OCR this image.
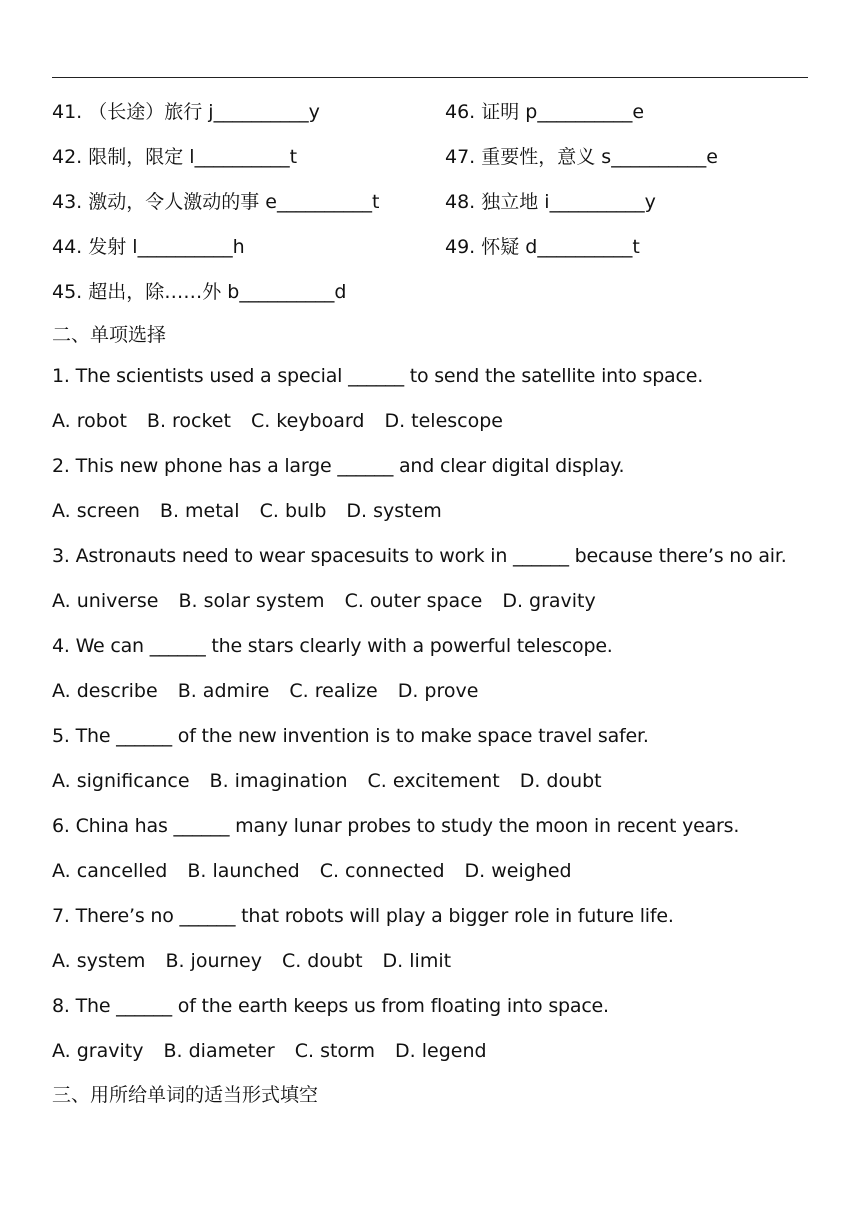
41. （长途）旅行 j__________y	46. 证明 p__________e
42. 限制，限定 l__________t	47. 重要性，意义 s__________e
43. 激动，令人激动的事 e__________t	48. 独立地 i__________y
44. 发射 l__________h	49. 怀疑 d__________t
45. 超出，除……外 b__________d
二、单项选择
1. The scientists used a special ______ to send the satellite into space.
A. robot B. rocket C. keyboard D. telescope
2. This new phone has a large ______ and clear digital display.
A. screen B. metal C. bulb D. system
3. Astronauts need to wear spacesuits to work in ______ because there’s no air.
A. universe B. solar system C. outer space D. gravity
4. We can ______ the stars clearly with a powerful telescope.
A. describe B. admire C. realize D. prove
5. The ______ of the new invention is to make space travel safer.
A. significance B. imagination C. excitement D. doubt
6. China has ______ many lunar probes to study the moon in recent years.
A. cancelled B. launched C. connected D. weighed
7. There’s no ______ that robots will play a bigger role in future life.
A. system B. journey C. doubt D. limit
8. The ______ of the earth keeps us from floating into space.
A. gravity B. diameter C. storm D. legend
三、用所给单词的适当形式填空
